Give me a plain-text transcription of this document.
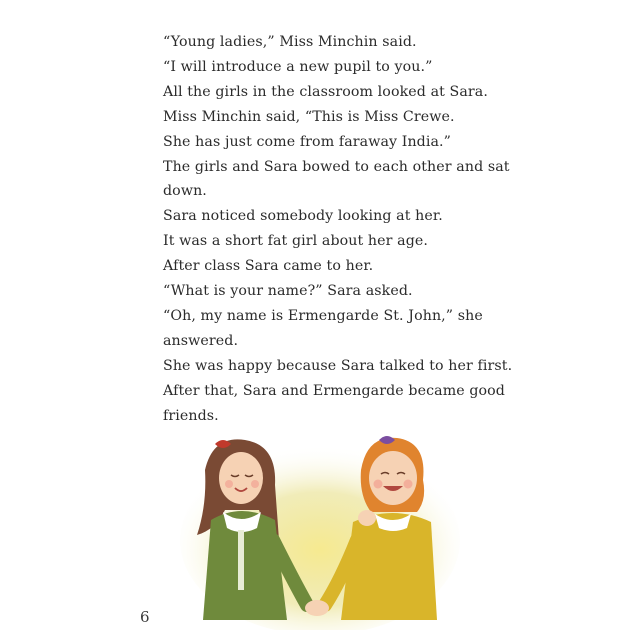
“Young ladies,” Miss Minchin said.
“I will introduce a new pupil to you.”
All the girls in the classroom looked at Sara.
Miss Minchin said, “This is Miss Crewe.
She has just come from faraway India.”
The girls and Sara bowed to each other and sat
down.
Sara noticed somebody looking at her.
It was a short fat girl about her age.
After class Sara came to her.
“What is your name?” Sara asked.
“Oh, my name is Ermengarde St. John,” she
answered.
She was happy because Sara talked to her first.
After that, Sara and Ermengarde became good
friends.
6
